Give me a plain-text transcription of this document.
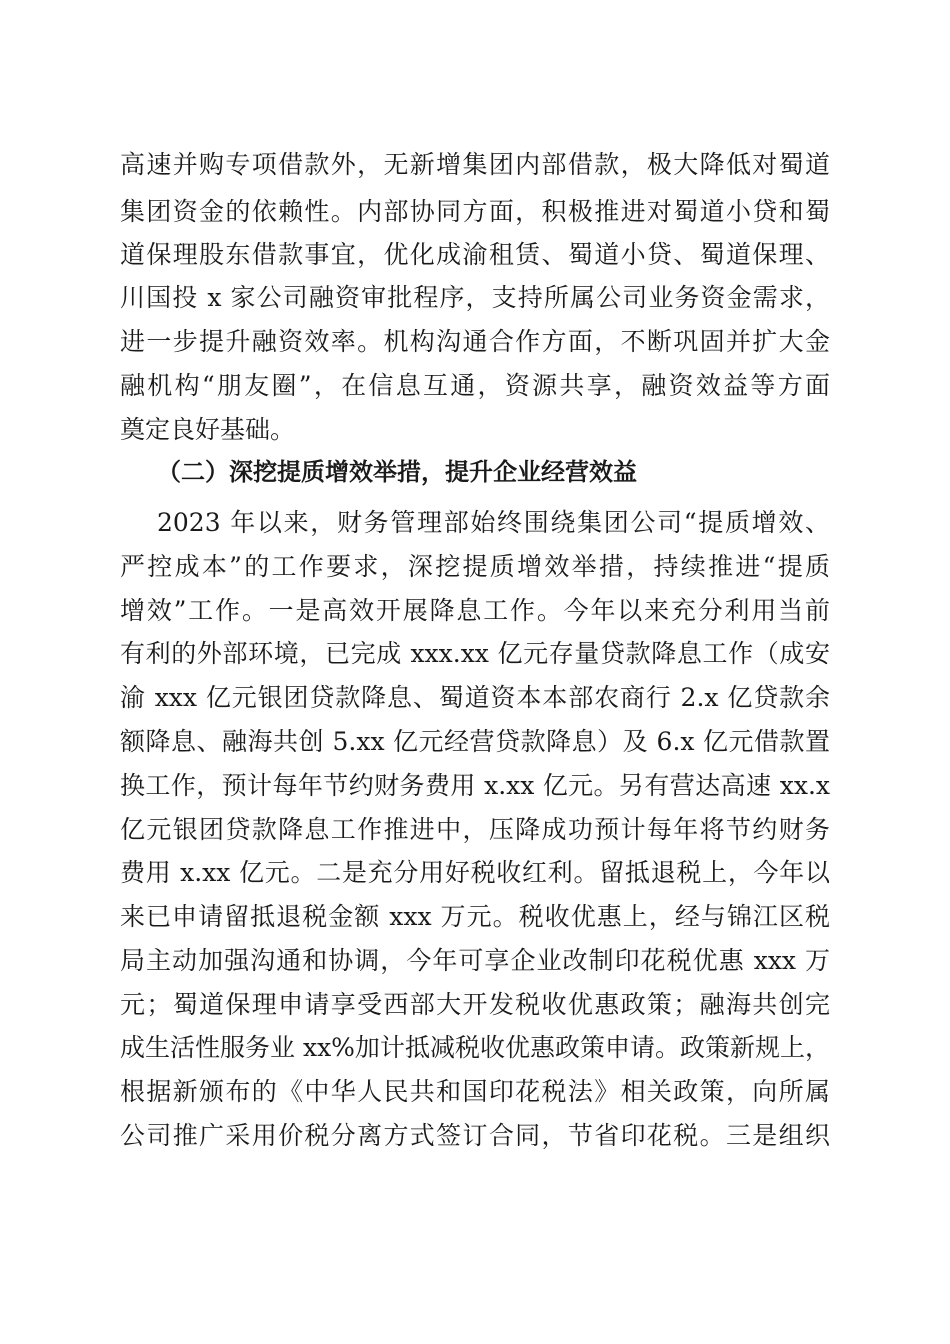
高速并购专项借款外，无新增集团内部借款，极大降低对蜀道
集团资金的依赖性。内部协同方面，积极推进对蜀道小贷和蜀
道保理股东借款事宜，优化成渝租赁、蜀道小贷、蜀道保理、
川国投 x 家公司融资审批程序，支持所属公司业务资金需求，
进一步提升融资效率。机构沟通合作方面，不断巩固并扩大金
融机构“朋友圈”，在信息互通，资源共享，融资效益等方面
奠定良好基础。
（二）深挖提质增效举措，提升企业经营效益
2023 年以来，财务管理部始终围绕集团公司“提质增效、
严控成本”的工作要求，深挖提质增效举措，持续推进“提质
增效”工作。一是高效开展降息工作。今年以来充分利用当前
有利的外部环境，已完成 xxx.xx 亿元存量贷款降息工作（成安
渝 xxx 亿元银团贷款降息、蜀道资本本部农商行 2.x 亿贷款余
额降息、融海共创 5.xx 亿元经营贷款降息）及 6.x 亿元借款置
换工作，预计每年节约财务费用 x.xx 亿元。另有营达高速 xx.x
亿元银团贷款降息工作推进中，压降成功预计每年将节约财务
费用 x.xx 亿元。二是充分用好税收红利。留抵退税上，今年以
来已申请留抵退税金额 xxx 万元。税收优惠上，经与锦江区税
局主动加强沟通和协调，今年可享企业改制印花税优惠 xxx 万
元；蜀道保理申请享受西部大开发税收优惠政策；融海共创完
成生活性服务业 xx%加计抵减税收优惠政策申请。政策新规上，
根据新颁布的《中华人民共和国印花税法》相关政策，向所属
公司推广采用价税分离方式签订合同，节省印花税。三是组织
